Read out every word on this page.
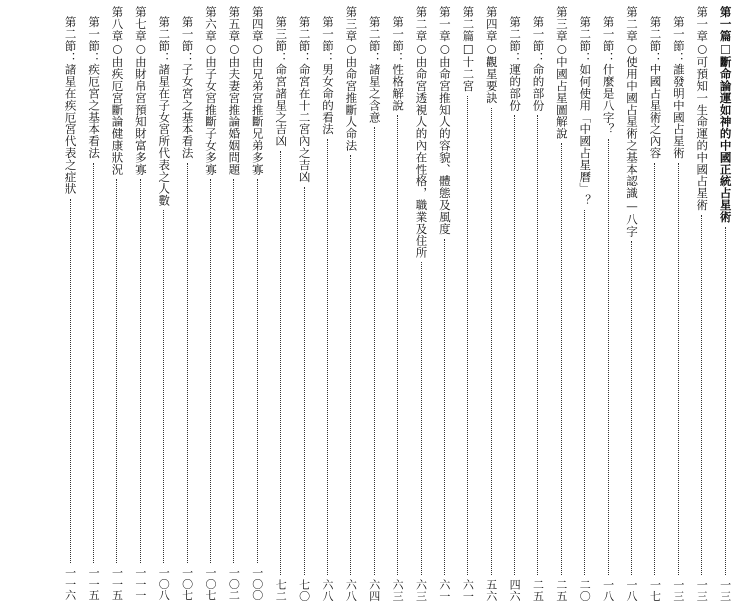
第一篇□斷命論運如神的中國正統占星術
一三
第一章○可預知一生命運的中國占星術
一三
第一節：誰發明中國占星術
一三
第二節：中國占星術之內容
一七
第二章○使用中國占星術之基本認識—八字
一八
第一節：什麼是八字？
一八
第二節：如何使用「中國占星曆」？
二〇
第三章○中國占星圖解說
二五
第一節：命的部份
二五
第二節：運的部份
四六
第四章○觀星要訣
五六
第二篇□十二宮
六一
第一章○由命宮推知人的容貌、體態及風度
六一
第二章○由命宮透視人的內在性格，職業及住所
六三
第一節：性格解說
六三
第二節：諸星之含意
六四
第三章○由命宮推斷人命法
六八
第一節：男女命的看法
六八
第二節：命宮在十二宮內之吉凶
七〇
第三節：命宮諸星之吉凶
七二
第四章○由兄弟宮推斷兄弟多寡
一〇〇
第五章○由夫妻宮推論婚姻問題
一〇二
第六章○由子女宮推斷子女多寡
一〇七
第一節：子女宮之基本看法
一〇七
第二節：諸星在子女宮所代表之人數
一〇八
第七章○由財帛宮預知財富多寡
一一一
第八章○由疾厄宮斷論健康狀況
一一五
第一節：疾厄宮之基本看法
一一五
第二節：諸星在疾厄宮代表之症狀
一一六
